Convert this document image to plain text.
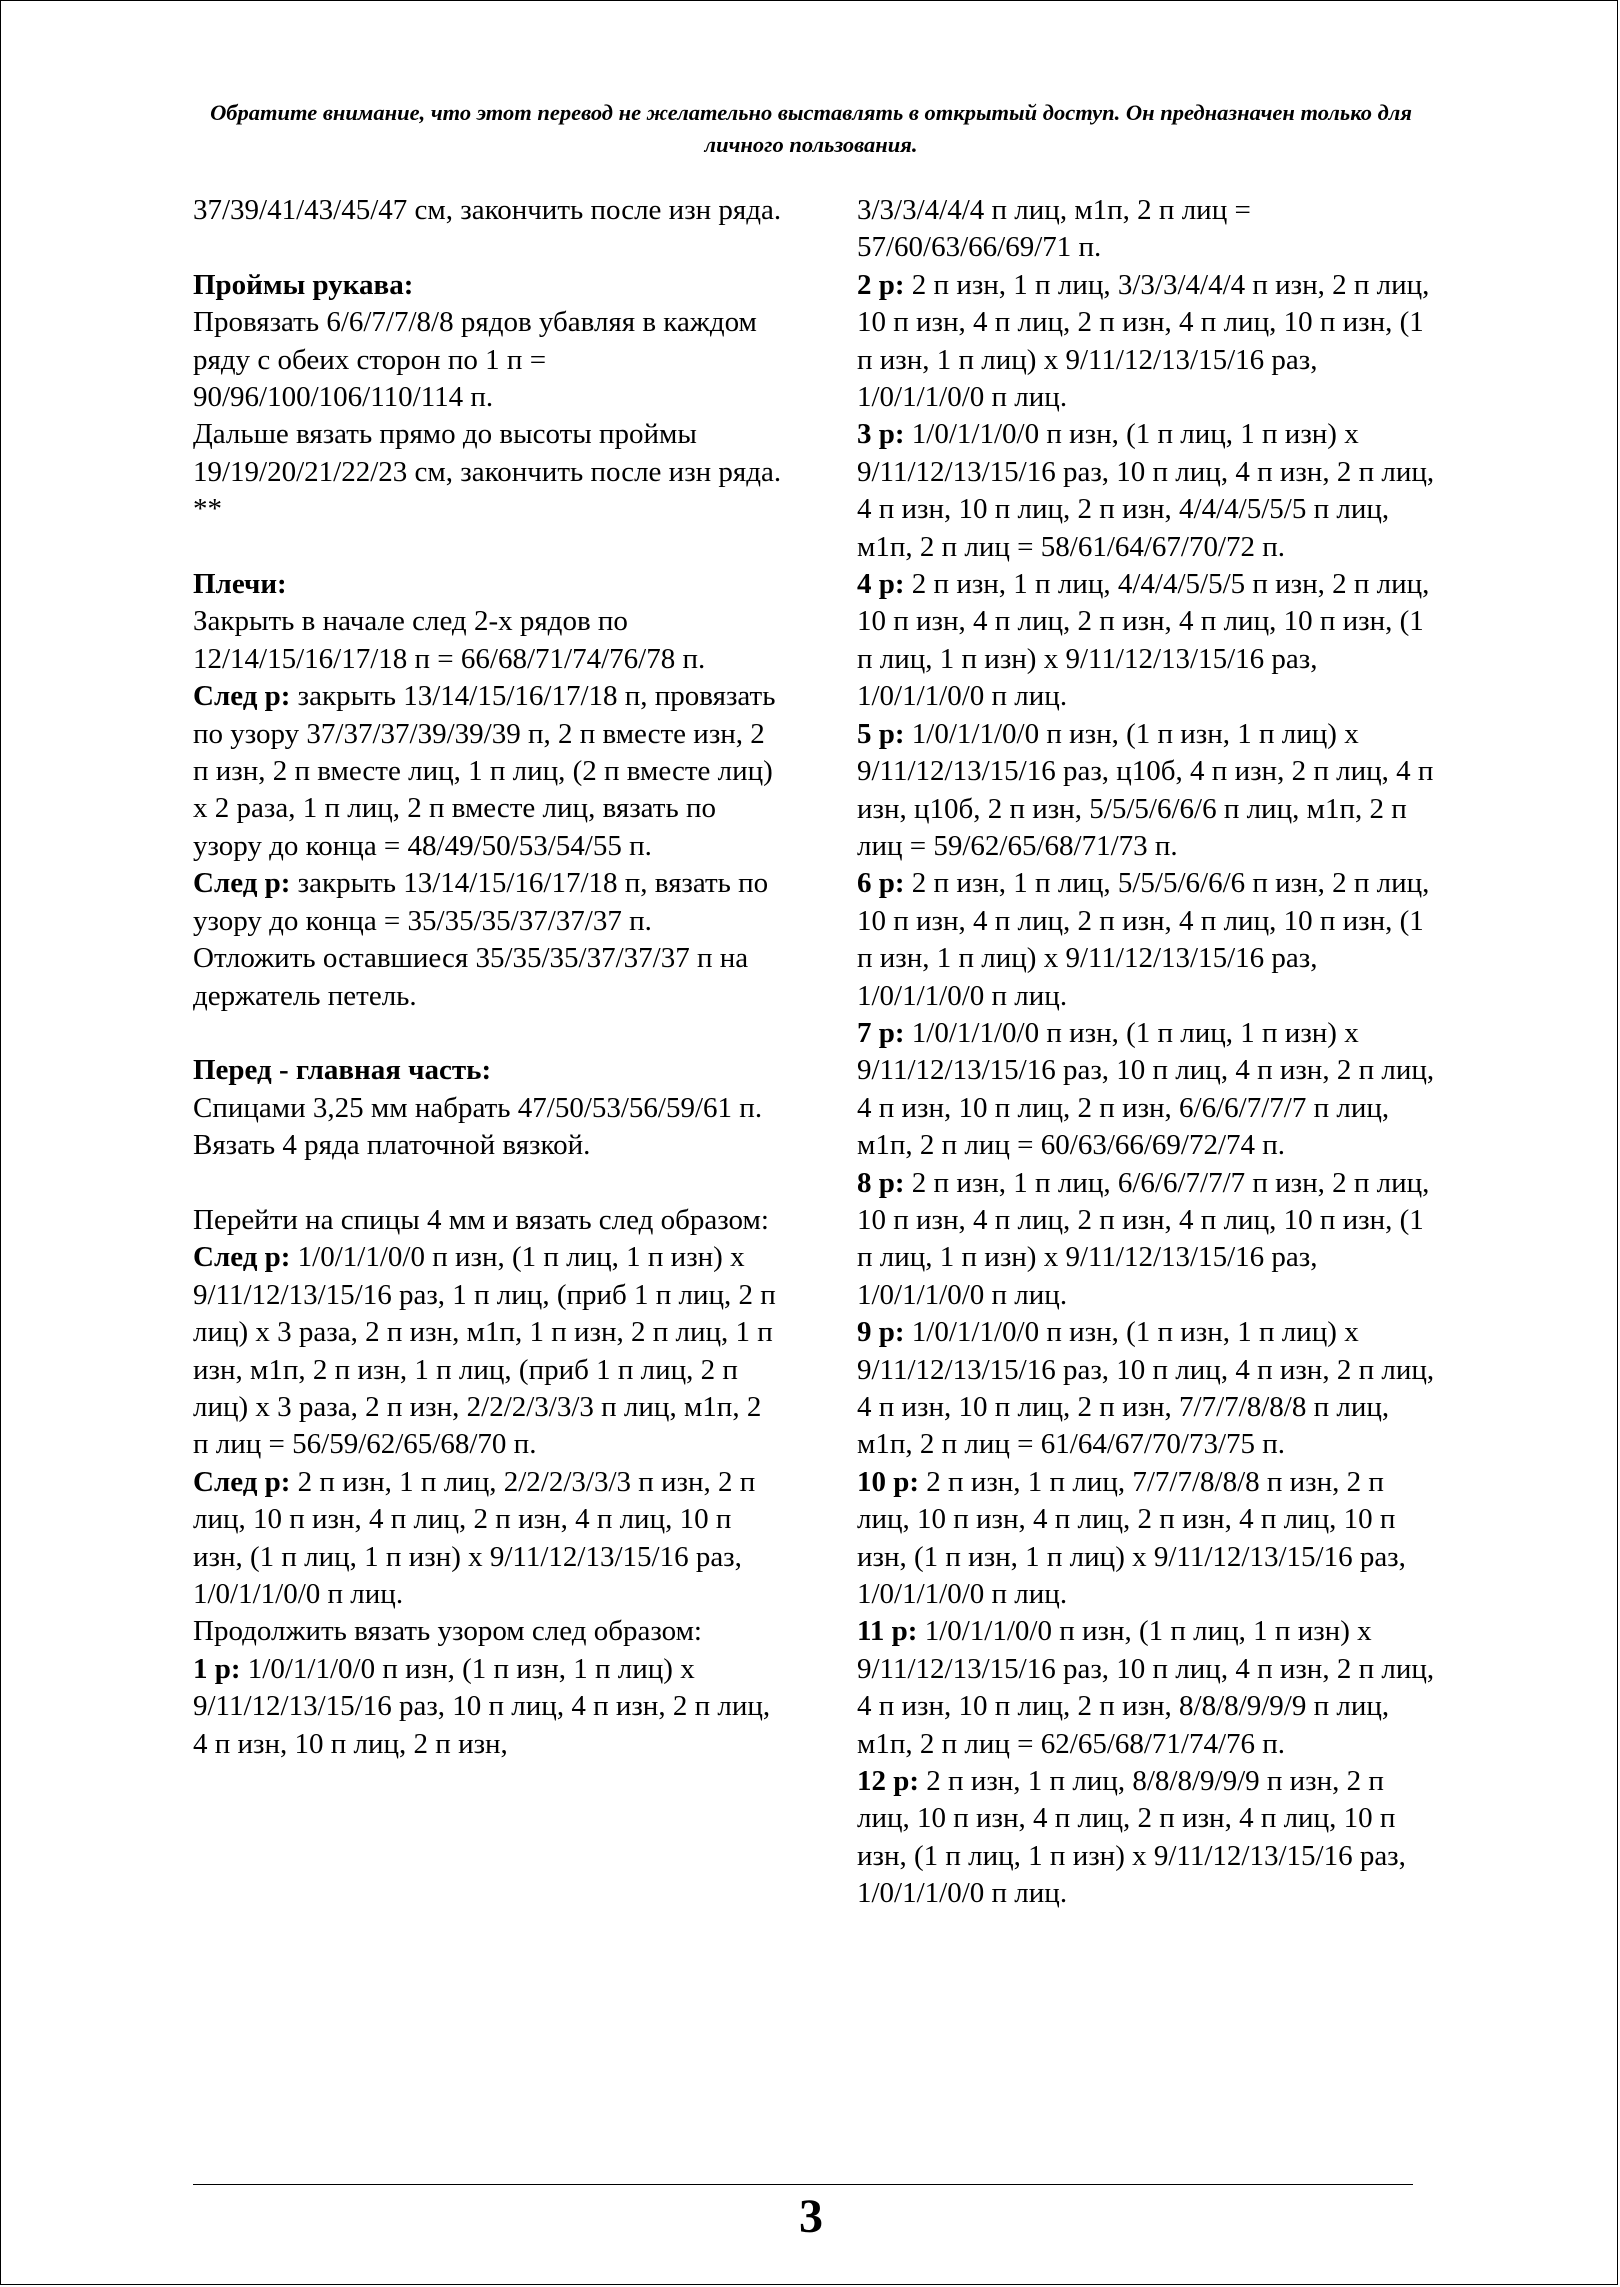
Обратите внимание, что этот перевод не желательно выставлять в открытый доступ. Он предназначен только для личного пользования.

37/39/41/43/45/47 см, закончить после изн ряда.

Проймы рукава:

Провязать 6/6/7/7/8/8 рядов убавляя в каждом ряду с обеих сторон по 1 п = 90/96/100/106/110/114 п.

Дальше вязать прямо до высоты проймы 19/19/20/21/22/23 см, закончить после изн ряда. **

Плечи:

Закрыть в начале след 2-х рядов по 12/14/15/16/17/18 п = 66/68/71/74/76/78 п.

След р: закрыть 13/14/15/16/17/18 п, провязать по узору 37/37/37/39/39/39 п, 2 п вместе изн, 2 п изн, 2 п вместе лиц, 1 п лиц, (2 п вместе лиц) х 2 раза, 1 п лиц, 2 п вместе лиц, вязать по узору до конца = 48/49/50/53/54/55 п.

След р: закрыть 13/14/15/16/17/18 п, вязать по узору до конца = 35/35/35/37/37/37 п.

Отложить оставшиеся 35/35/35/37/37/37 п на держатель петель.

Перед - главная часть:

Спицами 3,25 мм набрать 47/50/53/56/59/61 п.

Вязать 4 ряда платочной вязкой.

Перейти на спицы 4 мм и вязать след образом:

След р: 1/0/1/1/0/0 п изн, (1 п лиц, 1 п изн) х 9/11/12/13/15/16 раз, 1 п лиц, (приб 1 п лиц, 2 п лиц) х 3 раза, 2 п изн, м1п, 1 п изн, 2 п лиц, 1 п изн, м1п, 2 п изн, 1 п лиц, (приб 1 п лиц, 2 п лиц) х 3 раза, 2 п изн, 2/2/2/3/3/3 п лиц, м1п, 2 п лиц = 56/59/62/65/68/70 п.

След р: 2 п изн, 1 п лиц, 2/2/2/3/3/3 п изн, 2 п лиц, 10 п изн, 4 п лиц, 2 п изн, 4 п лиц, 10 п изн, (1 п лиц, 1 п изн) х 9/11/12/13/15/16 раз, 1/0/1/1/0/0 п лиц.

Продолжить вязать узором след образом:

1 р: 1/0/1/1/0/0 п изн, (1 п изн, 1 п лиц) х 9/11/12/13/15/16 раз, 10 п лиц, 4 п изн, 2 п лиц, 4 п изн, 10 п лиц, 2 п изн,

3/3/3/4/4/4 п лиц, м1п, 2 п лиц = 57/60/63/66/69/71 п.

2 р: 2 п изн, 1 п лиц, 3/3/3/4/4/4 п изн, 2 п лиц, 10 п изн, 4 п лиц, 2 п изн, 4 п лиц, 10 п изн, (1 п изн, 1 п лиц) х 9/11/12/13/15/16 раз, 1/0/1/1/0/0 п лиц.

3 р: 1/0/1/1/0/0 п изн, (1 п лиц, 1 п изн) х 9/11/12/13/15/16 раз, 10 п лиц, 4 п изн, 2 п лиц, 4 п изн, 10 п лиц, 2 п изн, 4/4/4/5/5/5 п лиц, м1п, 2 п лиц = 58/61/64/67/70/72 п.

4 р: 2 п изн, 1 п лиц, 4/4/4/5/5/5 п изн, 2 п лиц, 10 п изн, 4 п лиц, 2 п изн, 4 п лиц, 10 п изн, (1 п лиц, 1 п изн) х 9/11/12/13/15/16 раз, 1/0/1/1/0/0 п лиц.

5 р: 1/0/1/1/0/0 п изн, (1 п изн, 1 п лиц) х 9/11/12/13/15/16 раз, ц10б, 4 п изн, 2 п лиц, 4 п изн, ц10б, 2 п изн, 5/5/5/6/6/6 п лиц, м1п, 2 п лиц = 59/62/65/68/71/73 п.

6 р: 2 п изн, 1 п лиц, 5/5/5/6/6/6 п изн, 2 п лиц, 10 п изн, 4 п лиц, 2 п изн, 4 п лиц, 10 п изн, (1 п изн, 1 п лиц) х 9/11/12/13/15/16 раз, 1/0/1/1/0/0 п лиц.

7 р: 1/0/1/1/0/0 п изн, (1 п лиц, 1 п изн) х 9/11/12/13/15/16 раз, 10 п лиц, 4 п изн, 2 п лиц, 4 п изн, 10 п лиц, 2 п изн, 6/6/6/7/7/7 п лиц, м1п, 2 п лиц = 60/63/66/69/72/74 п.

8 р: 2 п изн, 1 п лиц, 6/6/6/7/7/7 п изн, 2 п лиц, 10 п изн, 4 п лиц, 2 п изн, 4 п лиц, 10 п изн, (1 п лиц, 1 п изн) х 9/11/12/13/15/16 раз, 1/0/1/1/0/0 п лиц.

9 р: 1/0/1/1/0/0 п изн, (1 п изн, 1 п лиц) х 9/11/12/13/15/16 раз, 10 п лиц, 4 п изн, 2 п лиц, 4 п изн, 10 п лиц, 2 п изн, 7/7/7/8/8/8 п лиц, м1п, 2 п лиц = 61/64/67/70/73/75 п.

10 р: 2 п изн, 1 п лиц, 7/7/7/8/8/8 п изн, 2 п лиц, 10 п изн, 4 п лиц, 2 п изн, 4 п лиц, 10 п изн, (1 п изн, 1 п лиц) х 9/11/12/13/15/16 раз, 1/0/1/1/0/0 п лиц.

11 р: 1/0/1/1/0/0 п изн, (1 п лиц, 1 п изн) х 9/11/12/13/15/16 раз, 10 п лиц, 4 п изн, 2 п лиц, 4 п изн, 10 п лиц, 2 п изн, 8/8/8/9/9/9 п лиц, м1п, 2 п лиц = 62/65/68/71/74/76 п.

12 р: 2 п изн, 1 п лиц, 8/8/8/9/9/9 п изн, 2 п лиц, 10 п изн, 4 п лиц, 2 п изн, 4 п лиц, 10 п изн, (1 п лиц, 1 п изн) х 9/11/12/13/15/16 раз, 1/0/1/1/0/0 п лиц.

3
